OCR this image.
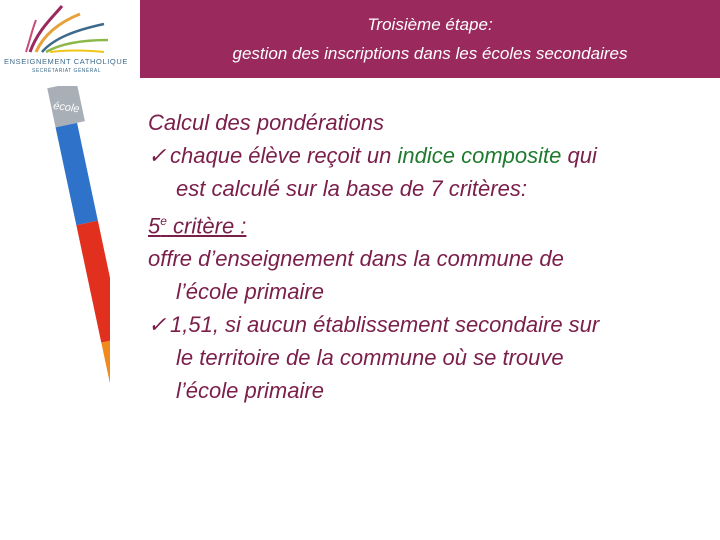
ENSEIGNEMENT CATHOLIQUE
SECRÉTARIAT GÉNÉRAL
Troisième étape:
gestion des inscriptions dans les écoles secondaires
école
Calcul des pondérations
✓ chaque élève reçoit un indice composite qui
est calculé sur la base de 7 critères:
5e critère :
offre d’enseignement dans la commune de
l’école primaire
✓ 1,51, si aucun établissement secondaire sur
le territoire de la commune où se trouve
l’école primaire
